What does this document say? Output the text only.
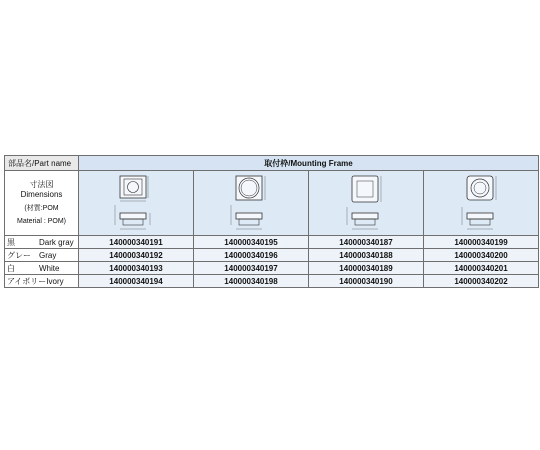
部品名/Part name	取付枠/Mounting Frame			

寸法図
Dimensions
(材質:POM
Material : POM)

黒 Dark gray	140000340191	140000340195	140000340187	140000340199
グレー Gray	140000340192	140000340196	140000340188	140000340200
白 White	140000340193	140000340197	140000340189	140000340201
アイボリーIvory	140000340194	140000340198	140000340190	140000340202
